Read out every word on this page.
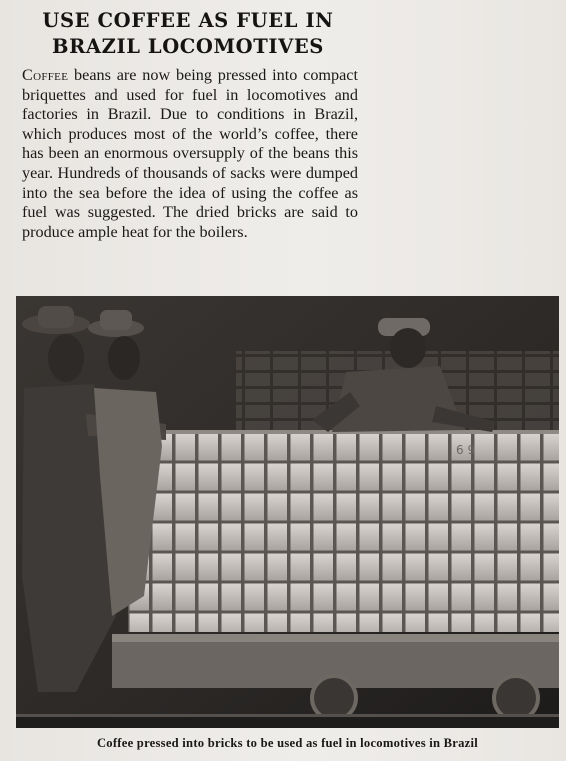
USE COFFEE AS FUEL IN
BRAZIL LOCOMOTIVES

Coffee beans are now being pressed into compact briquettes and used for fuel in locomotives and factories in Brazil. Due to conditions in Brazil, which produces most of the world’s coffee, there has been an enormous oversupply of the beans this year. Hundreds of thousands of sacks were dumped into the sea before the idea of using the coffee as fuel was suggested. The dried bricks are said to produce ample heat for the boilers.

6 9
Coffee pressed into bricks to be used as fuel in locomotives in Brazil
